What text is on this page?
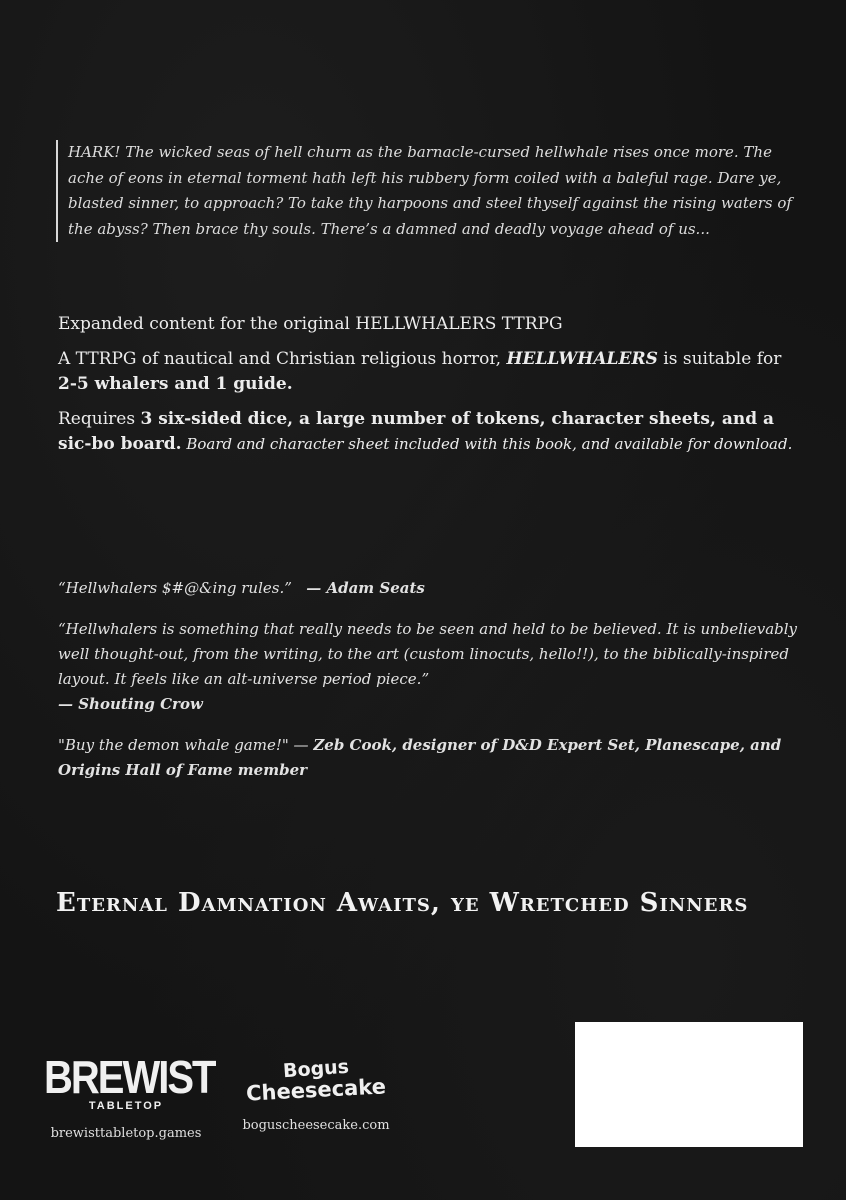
HARK! The wicked seas of hell churn as the barnacle-cursed hellwhale rises once more. The ache of eons in eternal torment hath left his rubbery form coiled with a baleful rage. Dare ye, blasted sinner, to approach? To take thy harpoons and steel thyself against the rising waters of the abyss? Then brace thy souls. There’s a damned and deadly voyage ahead of us...

Expanded content for the original HELLWHALERS TTRPG

A TTRPG of nautical and Christian religious horror, HELLWHALERS is suitable for 2-5 whalers and 1 guide.

Requires 3 six-sided dice, a large number of tokens, character sheets, and a sic-bo board. Board and character sheet included with this book, and available for download.

“Hellwhalers $#@&ing rules.” — Adam Seats

“Hellwhalers is something that really needs to be seen and held to be believed. It is unbelievably well thought-out, from the writing, to the art (custom linocuts, hello!!), to the biblically-inspired layout. It feels like an alt-universe period piece.”
— Shouting Crow

"Buy the demon whale game!" — Zeb Cook, designer of D&D Expert Set, Planescape, and Origins Hall of Fame member

Eternal Damnation Awaits, ye Wretched Sinners
BREWIST
TABLETOP
brewisttabletop.games
Bogus
Cheesecake
boguscheesecake.com
